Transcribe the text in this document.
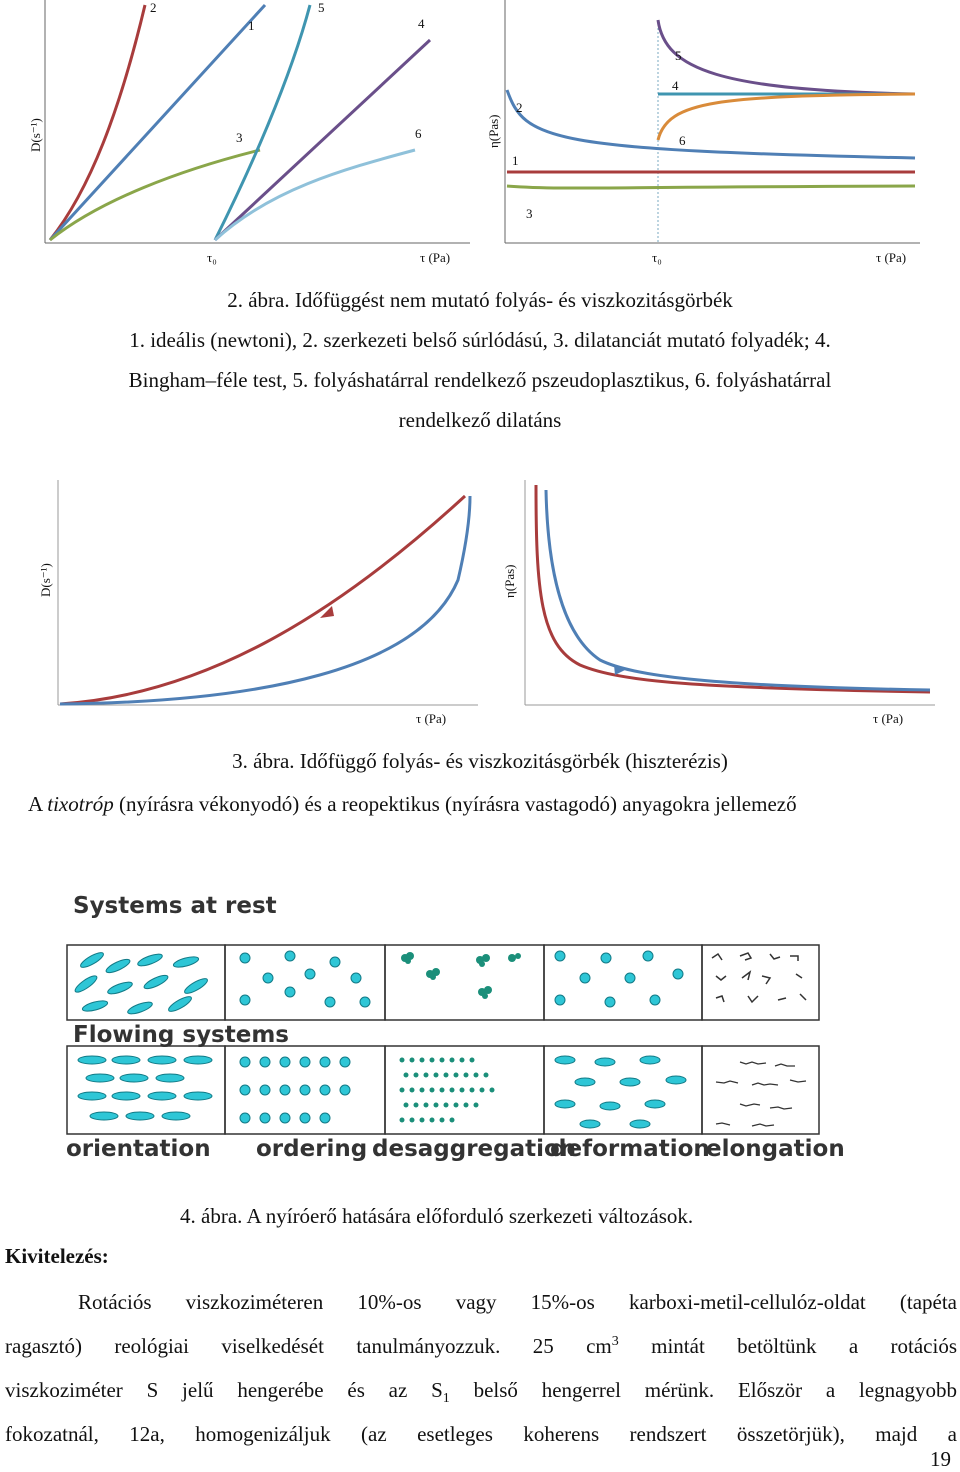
D(s⁻¹)	η(Pas)
τ₀	τ (Pa)	τ₀	τ (Pa)
2
1
5
4
3	6
5
4
6
2
1
3
2. ábra. Időfüggést nem mutató folyás- és viszkozitásgörbék
1. ideális (newtoni), 2. szerkezeti belső súrlódású, 3. dilatanciát mutató folyadék; 4.
Bingham–féle test, 5. folyáshatárral rendelkező pszeudoplasztikus, 6. folyáshatárral
rendelkező dilatáns
D(s⁻¹)	η(Pas)
τ (Pa)	τ (Pa)
3. ábra. Időfüggő folyás- és viszkozitásgörbék (hiszterézis)
A tixotróp (nyírásra vékonyodó) és a reopektikus (nyírásra vastagodó) anyagokra jellemező
Systems at rest
Flowing systems
orientation ordering desaggregation
deformation
elongation
4. ábra. A nyíróerő hatására előforduló szerkezeti változások.
Kivitelezés:
Rotációs viszkoziméteren 10%-os vagy 15%-os karboxi-metil-cellulóz-oldat (tapéta
ragasztó) reológiai viselkedését tanulmányozzuk. 25 $cm^3$ mintát betöltünk a rotációs
viszkoziméter S jelű hengerébe és az $S_1$ belső hengerrel mérünk. Először a legnagyobb
fokozatnál, 12a, homogenizáljuk (az esetleges koherens rendszert összetörjük), majd a
19
